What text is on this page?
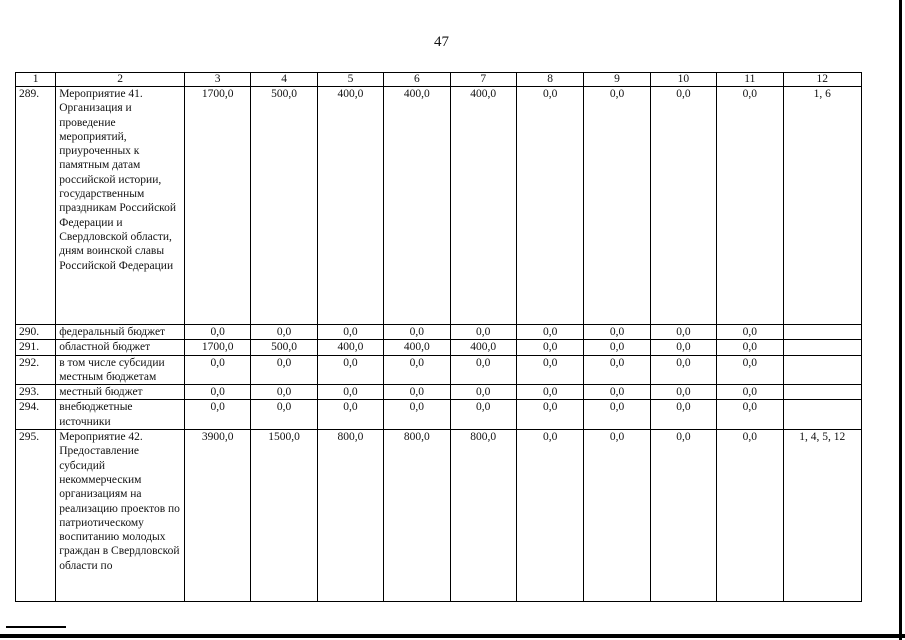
47
1	2	3	4	5	6	7	8	9	10	11	12
289.	Мероприятие 41. Организация и проведение мероприятий, приуроченных к памятным датам российской истории, государственным праздникам Российской Федерации и Свердловской области, дням воинской славы Российской Федерации	1700,0	500,0	400,0	400,0	400,0	0,0	0,0	0,0	0,0	1, 6
290.	федеральный бюджет	0,0	0,0	0,0	0,0	0,0	0,0	0,0	0,0	0,0	
291.	областной бюджет	1700,0	500,0	400,0	400,0	400,0	0,0	0,0	0,0	0,0	
292.	в том числе субсидии местным бюджетам	0,0	0,0	0,0	0,0	0,0	0,0	0,0	0,0	0,0	
293.	местный бюджет	0,0	0,0	0,0	0,0	0,0	0,0	0,0	0,0	0,0	
294.	внебюджетные источники	0,0	0,0	0,0	0,0	0,0	0,0	0,0	0,0	0,0	
295.	Мероприятие 42. Предоставление субсидий некоммерческим организациям на реализацию проектов по патриотическому воспитанию молодых граждан в Свердловской области по	3900,0	1500,0	800,0	800,0	800,0	0,0	0,0	0,0	0,0	1, 4, 5, 12
